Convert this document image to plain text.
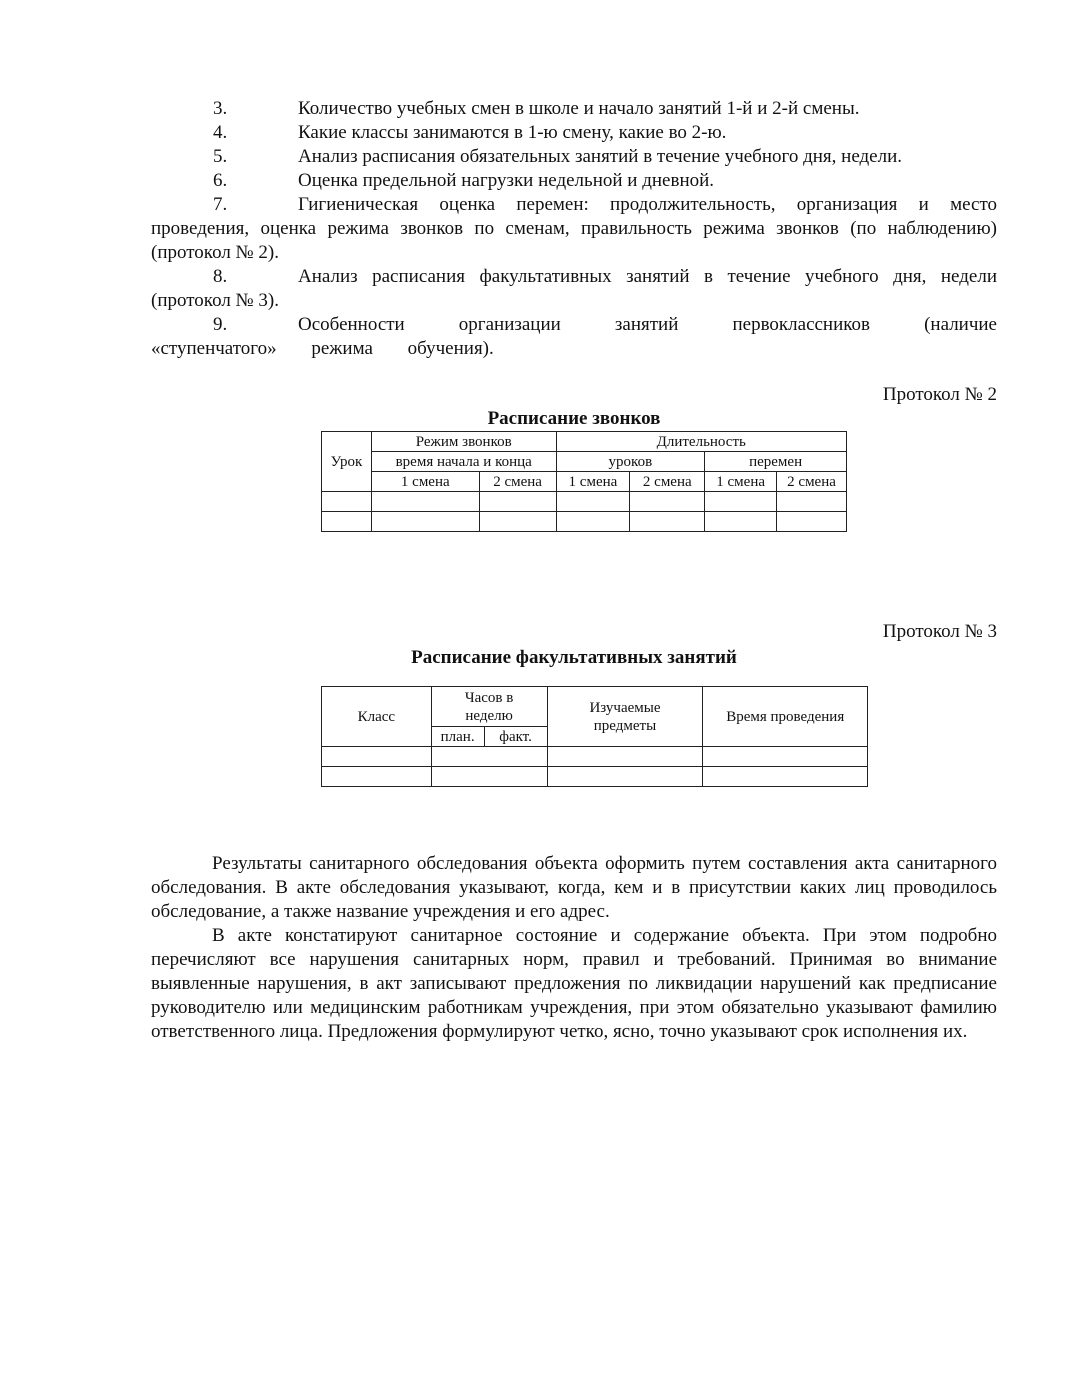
3.	Количество учебных смен в школе и начало занятий 1-й и 2-й смены.
4.	Какие классы занимаются в 1-ю смену, какие во 2-ю.
5.	Анализ расписания обязательных занятий в течение учебного дня, недели.
6.	Оценка предельной нагрузки недельной и дневной.
7.	Гигиеническая оценка перемен: продолжительность, организация и место проведения, оценка режима звонков по сменам, правильность режима звонков (по наблюдению) (протокол № 2).
8.	Анализ расписания факультативных занятий в течение учебного дня, недели (протокол № 3).
9.	Особенности организации занятий первоклассников (наличие «ступенчатого» режима обучения).
Протокол № 2
Расписание звонков
Урок	Режим звонков		Длительность			
	время начала и конца		уроков		перемен	
	1 смена	2 смена	1 смена	2 смена	1 смена	2 смена

Протокол № 3
Расписание факультативных занятий
Класс	Часов в неделю		Изучаемые предметы	Время проведения
	план.	факт.		

Результаты санитарного обследования объекта оформить путем составления акта санитарного обследования. В акте обследования указывают, когда, кем и в присутствии каких лиц проводилось обследование, а также название учреждения и его адрес.
В акте констатируют санитарное состояние и содержание объекта. При этом подробно перечисляют все нарушения санитарных норм, правил и требований. Принимая во внимание выявленные нарушения, в акт записывают предложения по ликвидации нарушений как предписание руководителю или медицинским работникам учреждения, при этом обязательно указывают фамилию ответственного лица. Предложения формулируют четко, ясно, точно указывают срок исполнения их.
